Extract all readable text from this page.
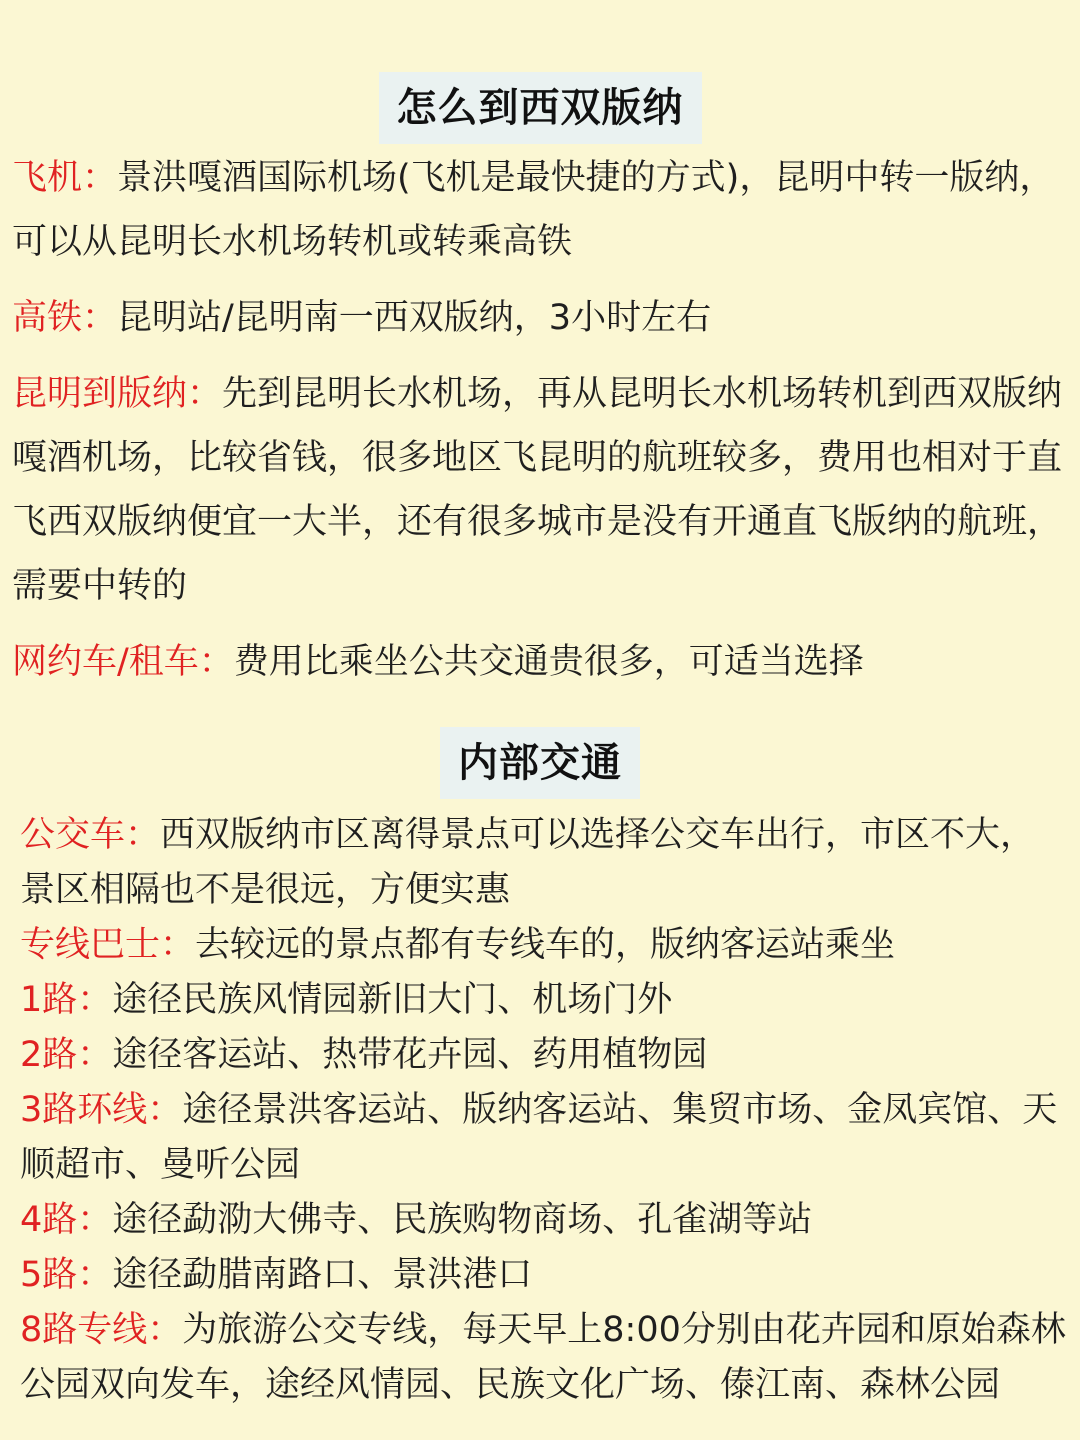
怎么到西双版纳

飞机：景洪嘎酒国际机场(飞机是最快捷的方式)，昆明中转一版纳，可以从昆明长水机场转机或转乘高铁

高铁：昆明站/昆明南一西双版纳，3小时左右

昆明到版纳：先到昆明长水机场，再从昆明长水机场转机到西双版纳嘎酒机场，比较省钱，很多地区飞昆明的航班较多，费用也相对于直飞西双版纳便宜一大半，还有很多城市是没有开通直飞版纳的航班，需要中转的

网约车/租车：费用比乘坐公共交通贵很多，可适当选择

内部交通

公交车：西双版纳市区离得景点可以选择公交车出行，市区不大，景区相隔也不是很远，方便实惠

专线巴士：去较远的景点都有专线车的，版纳客运站乘坐

1路：途径民族风情园新旧大门、机场门外

2路：途径客运站、热带花卉园、药用植物园

3路环线：途径景洪客运站、版纳客运站、集贸市场、金凤宾馆、天顺超市、曼听公园

4路：途径勐泐大佛寺、民族购物商场、孔雀湖等站

5路：途径勐腊南路口、景洪港口

8路专线：为旅游公交专线，每天早上8:00分别由花卉园和原始森林公园双向发车，途经风情园、民族文化广场、傣江南、森林公园
